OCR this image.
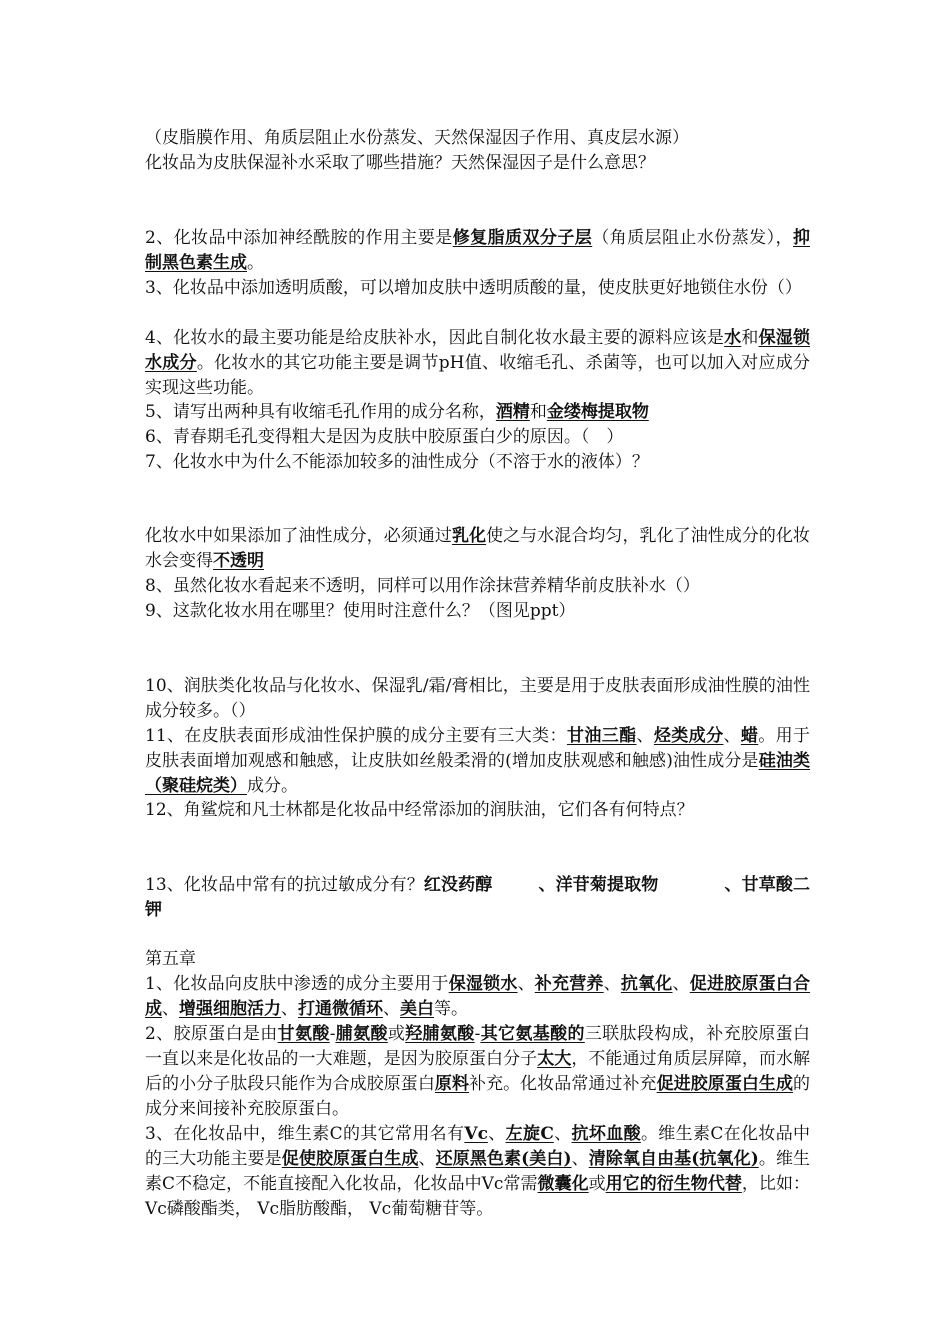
（皮脂膜作用、角质层阻止水份蒸发、天然保湿因子作用、真皮层水源）

化妆品为皮肤保湿补水采取了哪些措施？天然保湿因子是什么意思？

2、化妆品中添加神经酰胺的作用主要是修复脂质双分子层（角质层阻止水份蒸发），抑制黑色素生成。

3、化妆品中添加透明质酸，可以增加皮肤中透明质酸的量，使皮肤更好地锁住水份（）

4、化妆水的最主要功能是给皮肤补水，因此自制化妆水最主要的源料应该是水和保湿锁水成分。化妆水的其它功能主要是调节pH值、收缩毛孔、杀菌等，也可以加入对应成分实现这些功能。

5、请写出两种具有收缩毛孔作用的成分名称，酒精和金缕梅提取物

6、青春期毛孔变得粗大是因为皮肤中胶原蛋白少的原因。（　）

7、化妆水中为什么不能添加较多的油性成分（不溶于水的液体）？

化妆水中如果添加了油性成分，必须通过乳化使之与水混合均匀，乳化了油性成分的化妆水会变得不透明

8、虽然化妆水看起来不透明，同样可以用作涂抹营养精华前皮肤补水（）

9、这款化妆水用在哪里？使用时注意什么？（图见ppt）

10、润肤类化妆品与化妆水、保湿乳/霜/膏相比，主要是用于皮肤表面形成油性膜的油性成分较多。（）

11、在皮肤表面形成油性保护膜的成分主要有三大类：甘油三酯、烃类成分、蜡。用于皮肤表面增加观感和触感，让皮肤如丝般柔滑的(增加皮肤观感和触感)油性成分是硅油类（聚硅烷类）成分。

12、角鲨烷和凡士林都是化妆品中经常添加的润肤油，它们各有何特点？

13、化妆品中常有的抗过敏成分有？红没药醇	、洋苷菊提取物	、甘草酸二钾

第五章

1、化妆品向皮肤中渗透的成分主要用于保湿锁水、补充营养、抗氧化、促进胶原蛋白合成、增强细胞活力、打通微循环、美白等。

2、胶原蛋白是由甘氨酸-脯氨酸或羟脯氨酸-其它氨基酸的三联肽段构成，补充胶原蛋白一直以来是化妆品的一大难题，是因为胶原蛋白分子太大，不能通过角质层屏障，而水解后的小分子肽段只能作为合成胶原蛋白原料补充。化妆品常通过补充促进胶原蛋白生成的成分来间接补充胶原蛋白。

3、在化妆品中，维生素C的其它常用名有Vc、左旋C、抗坏血酸。维生素C在化妆品中的三大功能主要是促使胶原蛋白生成、还原黑色素(美白)、清除氧自由基(抗氧化)。维生素C不稳定，不能直接配入化妆品，化妆品中Vc常需微囊化或用它的衍生物代替，比如： Vc磷酸酯类， Vc脂肪酸酯， Vc葡萄糖苷等。
